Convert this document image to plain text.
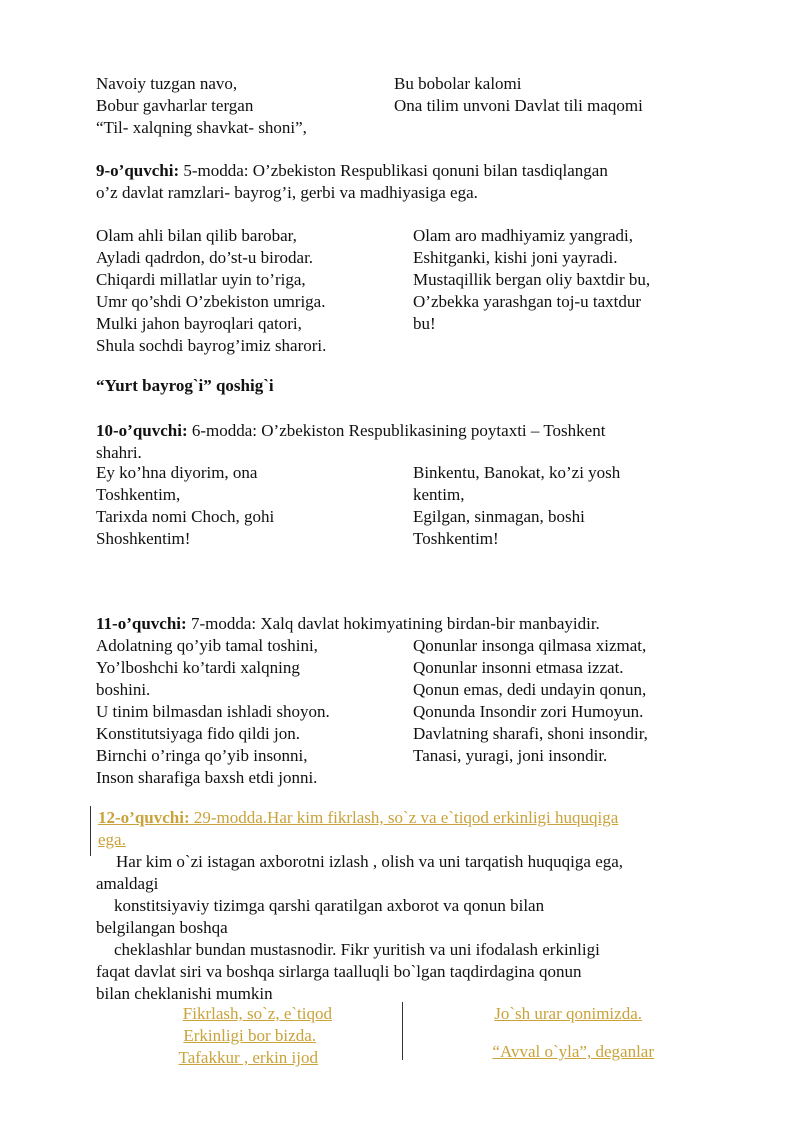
Navoiy tuzgan navo,
Bobur gavharlar tergan
“Til- xalqning shavkat- shoni”,
Bu bobolar kalomi
Ona tilim unvoni Davlat tili maqomi
9-o’quvchi: 5-modda: O’zbekiston Respublikasi qonuni bilan tasdiqlangan
o’z davlat ramzlari- bayrog’i, gerbi va madhiyasiga ega.
Olam ahli bilan qilib barobar,
Ayladi qadrdon, do’st-u birodar.
Chiqardi millatlar uyin to’riga,
Umr qo’shdi O’zbekiston umriga.
Mulki jahon bayroqlari qatori,
Shula sochdi bayrog’imiz sharori.
Olam aro madhiyamiz yangradi,
Eshitganki, kishi joni yayradi.
Mustaqillik bergan oliy baxtdir bu,
O’zbekka yarashgan toj-u taxtdur
bu!
“Yurt bayrog`i” qoshig`i
10-o’quvchi: 6-modda: O’zbekiston Respublikasining poytaxti – Toshkent
shahri.
Ey ko’hna diyorim, ona
Toshkentim,
Tarixda nomi Choch, gohi
Shoshkentim!
Binkentu, Banokat, ko’zi yosh
kentim,
Egilgan, sinmagan, boshi
Toshkentim!
11-o’quvchi: 7-modda: Xalq davlat hokimyatining birdan-bir manbayidir.
Adolatning qo’yib tamal toshini,
Yo’lboshchi ko’tardi xalqning
boshini.
U tinim bilmasdan ishladi shoyon.
Konstitutsiyaga fido qildi jon.
Birnchi o’ringa qo’yib insonni,
Inson sharafiga baxsh etdi jonni.
Qonunlar insonga qilmasa xizmat,
Qonunlar insonni etmasa izzat.
Qonun emas, dedi undayin qonun,
Qonunda Insondir zori Humoyun.
Davlatning sharafi, shoni insondir,
Tanasi, yuragi, joni insondir.
12-o’quvchi: 29-modda.Har kim fikrlash, so`z va e`tiqod erkinligi huquqiga
ega.
Har kim o`zi istagan axborotni izlash , olish va uni tarqatish huquqiga ega,
amaldagi
konstitsiyaviy tizimga qarshi qaratilgan axborot va qonun bilan
belgilangan boshqa
cheklashlar bundan mustasnodir. Fikr yuritish va uni ifodalash erkinligi
faqat davlat siri va boshqa sirlarga taalluqli bo`lgan taqdirdagina qonun
bilan cheklanishi mumkin
Fikrlash, so`z, e`tiqod
Erkinligi bor bizda.
Tafakkur , erkin ijod
Jo`sh urar qonimizda.
“Avval o`yla”, deganlar
